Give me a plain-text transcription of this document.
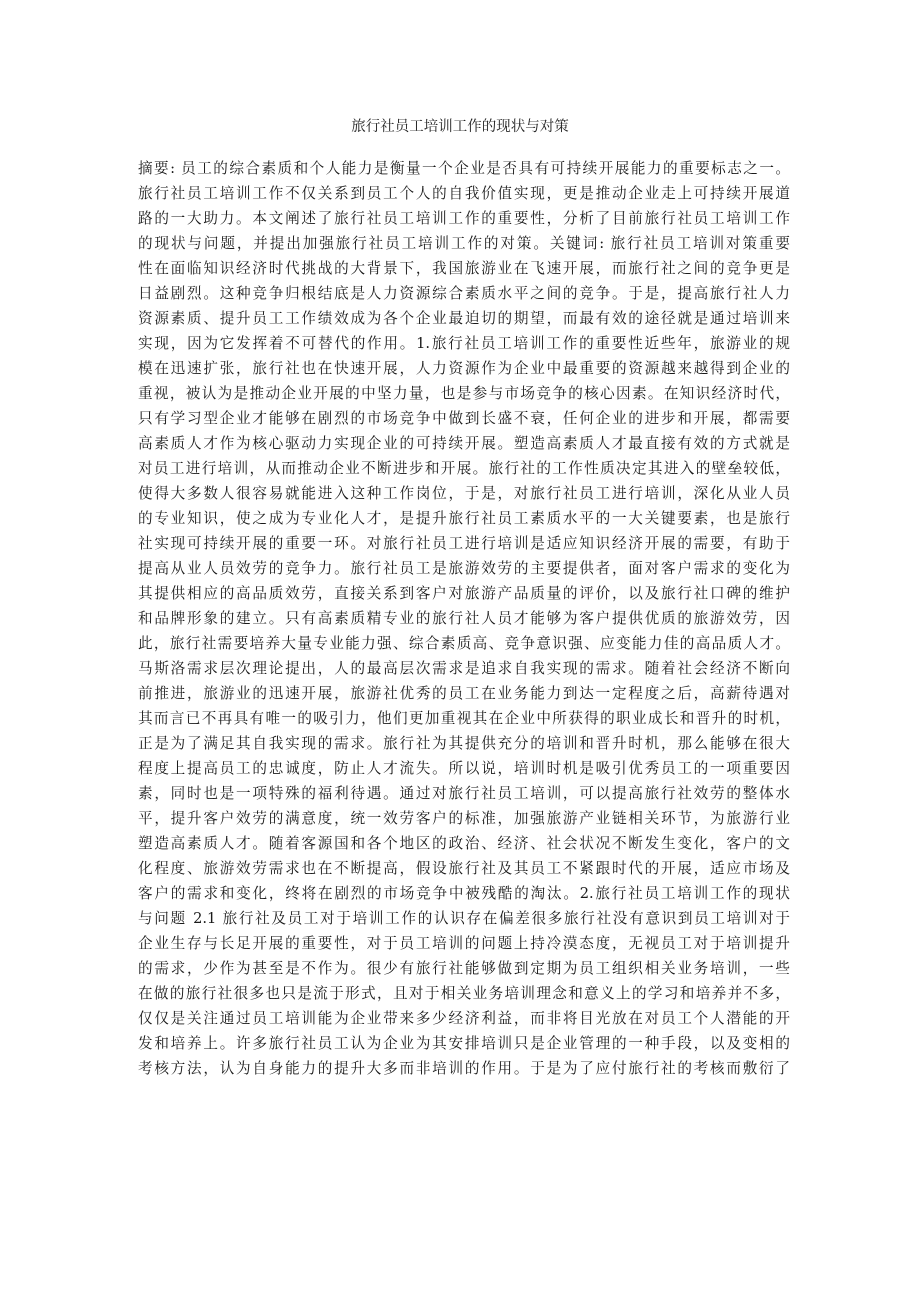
旅行社员工培训工作的现状与对策
摘要: 员工的综合素质和个人能力是衡量一个企业是否具有可持续开展能力的重要标志之一。
旅行社员工培训工作不仅关系到员工个人的自我价值实现，更是推动企业走上可持续开展道
路的一大助力。本文阐述了旅行社员工培训工作的重要性，分析了目前旅行社员工培训工作
的现状与问题，并提出加强旅行社员工培训工作的对策。关键词: 旅行社员工培训对策重要
性在面临知识经济时代挑战的大背景下，我国旅游业在飞速开展，而旅行社之间的竞争更是
日益剧烈。这种竞争归根结底是人力资源综合素质水平之间的竞争。于是，提高旅行社人力
资源素质、提升员工工作绩效成为各个企业最迫切的期望，而最有效的途径就是通过培训来
实现，因为它发挥着不可替代的作用。1.旅行社员工培训工作的重要性近些年，旅游业的规
模在迅速扩张，旅行社也在快速开展，人力资源作为企业中最重要的资源越来越得到企业的
重视，被认为是推动企业开展的中坚力量，也是参与市场竞争的核心因素。在知识经济时代，
只有学习型企业才能够在剧烈的市场竞争中做到长盛不衰，任何企业的进步和开展，都需要
高素质人才作为核心驱动力实现企业的可持续开展。塑造高素质人才最直接有效的方式就是
对员工进行培训，从而推动企业不断进步和开展。旅行社的工作性质决定其进入的壁垒较低，
使得大多数人很容易就能进入这种工作岗位，于是，对旅行社员工进行培训，深化从业人员
的专业知识，使之成为专业化人才，是提升旅行社员工素质水平的一大关键要素，也是旅行
社实现可持续开展的重要一环。对旅行社员工进行培训是适应知识经济开展的需要，有助于
提高从业人员效劳的竞争力。旅行社员工是旅游效劳的主要提供者，面对客户需求的变化为
其提供相应的高品质效劳，直接关系到客户对旅游产品质量的评价，以及旅行社口碑的维护
和品牌形象的建立。只有高素质精专业的旅行社人员才能够为客户提供优质的旅游效劳，因
此，旅行社需要培养大量专业能力强、综合素质高、竞争意识强、应变能力佳的高品质人才。
马斯洛需求层次理论提出，人的最高层次需求是追求自我实现的需求。随着社会经济不断向
前推进，旅游业的迅速开展，旅游社优秀的员工在业务能力到达一定程度之后，高薪待遇对
其而言已不再具有唯一的吸引力，他们更加重视其在企业中所获得的职业成长和晋升的时机，
正是为了满足其自我实现的需求。旅行社为其提供充分的培训和晋升时机，那么能够在很大
程度上提高员工的忠诚度，防止人才流失。所以说，培训时机是吸引优秀员工的一项重要因
素，同时也是一项特殊的福利待遇。通过对旅行社员工培训，可以提高旅行社效劳的整体水
平，提升客户效劳的满意度，统一效劳客户的标准，加强旅游产业链相关环节，为旅游行业
塑造高素质人才。随着客源国和各个地区的政治、经济、社会状况不断发生变化，客户的文
化程度、旅游效劳需求也在不断提高，假设旅行社及其员工不紧跟时代的开展，适应市场及
客户的需求和变化，终将在剧烈的市场竞争中被残酷的淘汰。2.旅行社员工培训工作的现状
与问题 2.1 旅行社及员工对于培训工作的认识存在偏差很多旅行社没有意识到员工培训对于
企业生存与长足开展的重要性，对于员工培训的问题上持冷漠态度，无视员工对于培训提升
的需求，少作为甚至是不作为。很少有旅行社能够做到定期为员工组织相关业务培训，一些
在做的旅行社很多也只是流于形式，且对于相关业务培训理念和意义上的学习和培养并不多，
仅仅是关注通过员工培训能为企业带来多少经济利益，而非将目光放在对员工个人潜能的开
发和培养上。许多旅行社员工认为企业为其安排培训只是企业管理的一种手段，以及变相的
考核方法，认为自身能力的提升大多而非培训的作用。于是为了应付旅行社的考核而敷衍了
